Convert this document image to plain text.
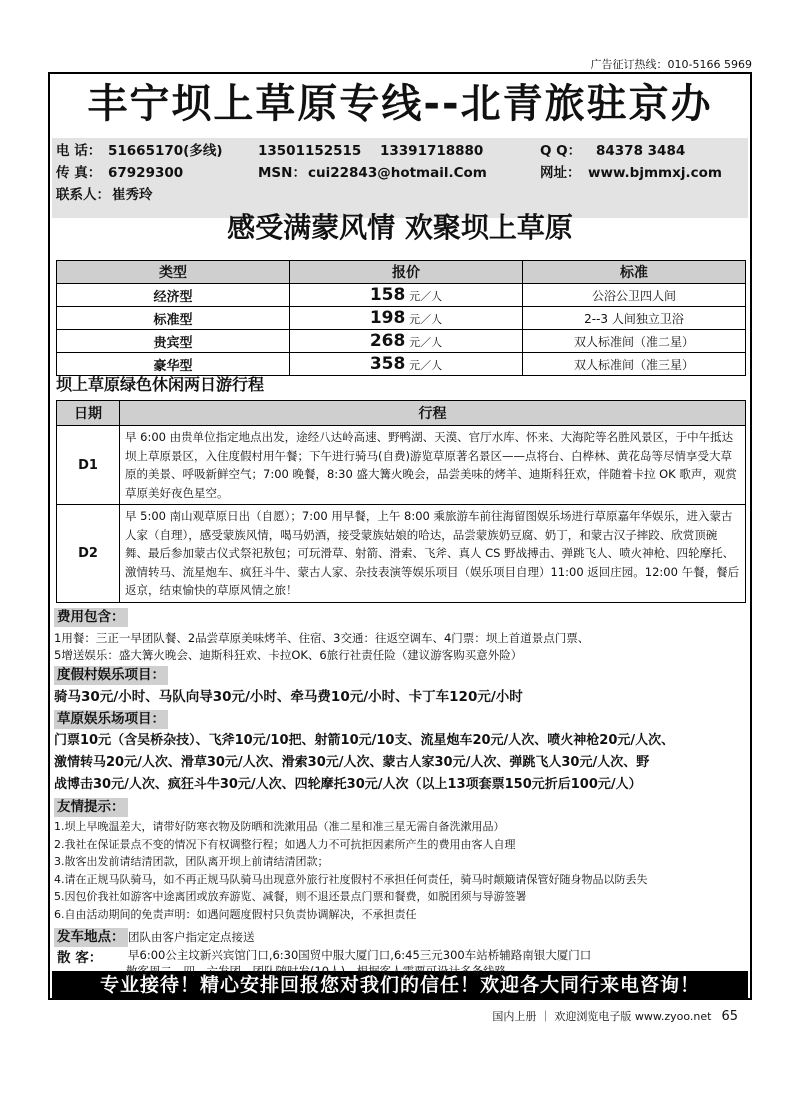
广告征订热线：010-5166 5969
丰宁坝上草原专线--北青旅驻京办
电 话： 51665170(多线)	13501152515 13391718880	Q Q： 84378 3484
传 真： 67929300	MSN： cui22843@hotmail.Com	网址： www.bjmmxj.com
联系人： 崔秀玲
感受满蒙风情 欢聚坝上草原
类型	报价	标准
经济型	158 元／人	公浴公卫四人间
标准型	198 元／人	2--3 人间独立卫浴
贵宾型	268 元／人	双人标准间（准二星）
豪华型	358 元／人	双人标准间（准三星）
坝上草原绿色休闲两日游行程
日期	行程
D1	早 6:00 由贵单位指定地点出发，途经八达岭高速、野鸭湖、天漠、官厅水库、怀来、大海陀等名胜风景区，于中午抵达坝上草原景区，入住度假村用午餐；下午进行骑马(自费)游览草原著名景区——点将台、白桦林、黄花岛等尽情享受大草原的美景、呼吸新鲜空气；7:00 晚餐，8:30 盛大篝火晚会，品尝美味的烤羊、迪斯科狂欢，伴随着卡拉 OK 歌声，观赏草原美好夜色星空。
D2	早 5:00 南山观草原日出（自愿）；7:00 用早餐，上午 8:00 乘旅游车前往海留图娱乐场进行草原嘉年华娱乐，进入蒙古人家（自理），感受蒙族风情，喝马奶酒，接受蒙族姑娘的哈达，品尝蒙族奶豆腐、奶丁，和蒙古汉子摔跤、欣赏顶碗舞、最后参加蒙古仪式祭祀敖包；可玩滑草、射箭、滑索、飞斧、真人 CS 野战搏击、弹跳飞人、喷火神枪、四轮摩托、激情转马、流星炮车、疯狂斗牛、蒙古人家、杂技表演等娱乐项目（娱乐项目自理）11:00 返回庄园。12:00 午餐，餐后返京，结束愉快的草原风情之旅！
费用包含：
1用餐：三正一早团队餐、2品尝草原美味烤羊、住宿、3交通：往返空调车、4门票：坝上首道景点门票、
5增送娱乐：盛大篝火晚会、迪斯科狂欢、卡拉OK、6旅行社责任险（建议游客购买意外险）
度假村娱乐项目：
骑马30元/小时、马队向导30元/小时、牵马费10元/小时、卡丁车120元/小时
草原娱乐场项目：
门票10元（含吴桥杂技）、飞斧10元/10把、射箭10元/10支、流星炮车20元/人次、喷火神枪20元/人次、
激情转马20元/人次、滑草30元/人次、滑索30元/人次、蒙古人家30元/人次、弹跳飞人30元/人次、野
战博击30元/人次、疯狂斗牛30元/人次、四轮摩托30元/人次（以上13项套票150元折后100元/人）
友情提示：
1.坝上早晚温差大，请带好防寒衣物及防晒和洗漱用品（准二星和准三星无需自备洗漱用品）
2.我社在保证景点不变的情况下有权调整行程；如遇人力不可抗拒因素所产生的费用由客人自理
3.散客出发前请结清团款，团队离开坝上前请结清团款；
4.请在正规马队骑马，如不再正规马队骑马出现意外旅行社度假村不承担任何责任，骑马时颠簸请保管好随身物品以防丢失
5.因包价我社如游客中途离团或放弃游览、减餐，则不退还景点门票和餐费，如脱团须与导游签署
6.自由活动期间的免责声明：如遇问题度假村只负责协调解决，不承担责任
发车地点： 团队由客户指定定点接送
散 客： 早6:00公主坟新兴宾馆门口,6:30国贸中服大厦门口,6:45三元300车站桥辅路南银大厦门口
专业接待！精心安排回报您对我们的信任！欢迎各大同行来电咨询！
散客周二、四、六发团、团队随时发(10人)、根据客人需要可设计多条线路
国内上册 ｜ 欢迎浏览电子版 www.zyoo.net 65
